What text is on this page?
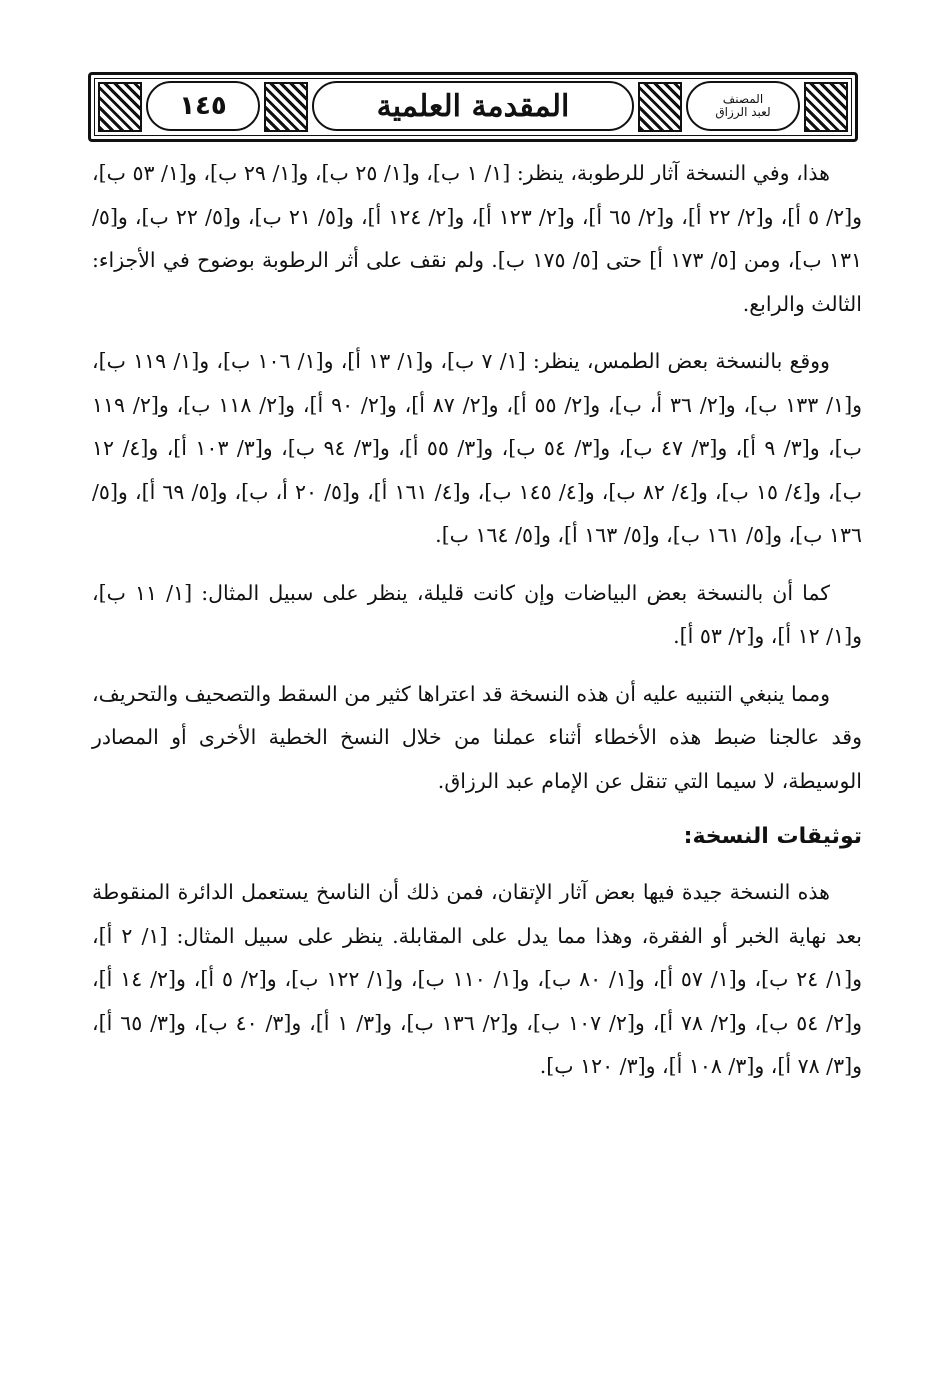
١٤٥	المقدمة العلمية	المصنف
لعبد الرزاق

هذا، وفي النسخة آثار للرطوبة، ينظر: [١/ ١ ب]، و[١/ ٢٥ ب]، و[١/ ٢٩ ب]، و[١/ ٥٣ ب]، و[٢/ ٥ أ]، و[٢/ ٢٢ أ]، و[٢/ ٦٥ أ]، و[٢/ ١٢٣ أ]، و[٢/ ١٢٤ أ]، و[٥/ ٢١ ب]، و[٥/ ٢٢ ب]، و[٥/ ١٣١ ب]، ومن [٥/ ١٧٣ أ] حتى [٥/ ١٧٥ ب]. ولم نقف على أثر الرطوبة بوضوح في الأجزاء: الثالث والرابع.

ووقع بالنسخة بعض الطمس، ينظر: [١/ ٧ ب]، و[١/ ١٣ أ]، و[١/ ١٠٦ ب]، و[١/ ١١٩ ب]، و[١/ ١٣٣ ب]، و[٢/ ٣٦ أ، ب]، و[٢/ ٥٥ أ]، و[٢/ ٨٧ أ]، و[٢/ ٩٠ أ]، و[٢/ ١١٨ ب]، و[٢/ ١١٩ ب]، و[٣/ ٩ أ]، و[٣/ ٤٧ ب]، و[٣/ ٥٤ ب]، و[٣/ ٥٥ أ]، و[٣/ ٩٤ ب]، و[٣/ ١٠٣ أ]، و[٤/ ١٢ ب]، و[٤/ ١٥ ب]، و[٤/ ٨٢ ب]، و[٤/ ١٤٥ ب]، و[٤/ ١٦١ أ]، و[٥/ ٢٠ أ، ب]، و[٥/ ٦٩ أ]، و[٥/ ١٣٦ ب]، و[٥/ ١٦١ ب]، و[٥/ ١٦٣ أ]، و[٥/ ١٦٤ ب].

كما أن بالنسخة بعض البياضات وإن كانت قليلة، ينظر على سبيل المثال: [١/ ١١ ب]، و[١/ ١٢ أ]، و[٢/ ٥٣ أ].

ومما ينبغي التنبيه عليه أن هذه النسخة قد اعتراها كثير من السقط والتصحيف والتحريف، وقد عالجنا ضبط هذه الأخطاء أثناء عملنا من خلال النسخ الخطية الأخرى أو المصادر الوسيطة، لا سيما التي تنقل عن الإمام عبد الرزاق.

توثيقات النسخة:

هذه النسخة جيدة فيها بعض آثار الإتقان، فمن ذلك أن الناسخ يستعمل الدائرة المنقوطة بعد نهاية الخبر أو الفقرة، وهذا مما يدل على المقابلة. ينظر على سبيل المثال: [١/ ٢ أ]، و[١/ ٢٤ ب]، و[١/ ٥٧ أ]، و[١/ ٨٠ ب]، و[١/ ١١٠ ب]، و[١/ ١٢٢ ب]، و[٢/ ٥ أ]، و[٢/ ١٤ أ]، و[٢/ ٥٤ ب]، و[٢/ ٧٨ أ]، و[٢/ ١٠٧ ب]، و[٢/ ١٣٦ ب]، و[٣/ ١ أ]، و[٣/ ٤٠ ب]، و[٣/ ٦٥ أ]، و[٣/ ٧٨ أ]، و[٣/ ١٠٨ أ]، و[٣/ ١٢٠ ب].
